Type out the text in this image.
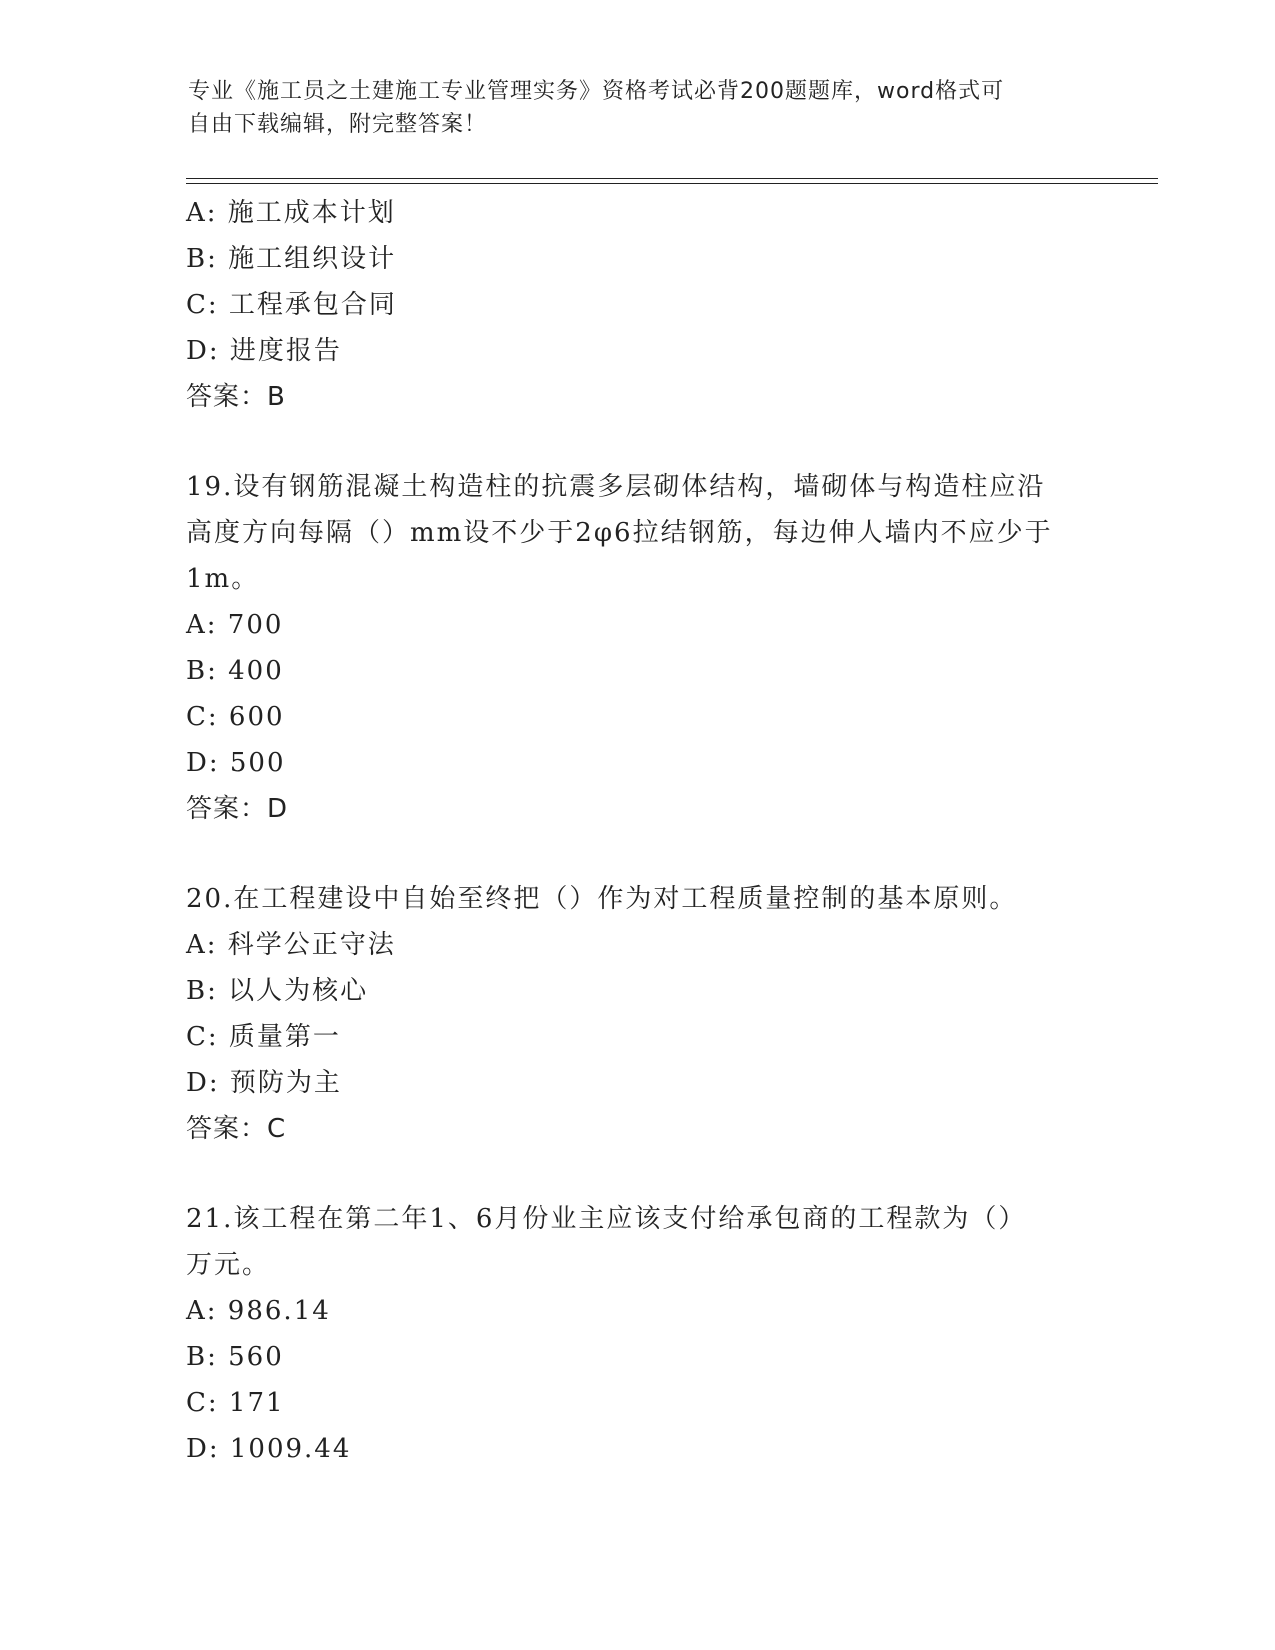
专业《施工员之土建施工专业管理实务》资格考试必背200题题库，word格式可
自由下载编辑，附完整答案！
A: 施工成本计划
B: 施工组织设计
C: 工程承包合同
D: 进度报告
答案：B
19.设有钢筋混凝土构造柱的抗震多层砌体结构，墙砌体与构造柱应沿
高度方向每隔（）mm设不少于2φ6拉结钢筋，每边伸人墙内不应少于
1m。
A: 700
B: 400
C: 600
D: 500
答案：D
20.在工程建设中自始至终把（）作为对工程质量控制的基本原则。
A: 科学公正守法
B: 以人为核心
C: 质量第一
D: 预防为主
答案：C
21.该工程在第二年1、6月份业主应该支付给承包商的工程款为（）
万元。
A: 986.14
B: 560
C: 171
D: 1009.44
